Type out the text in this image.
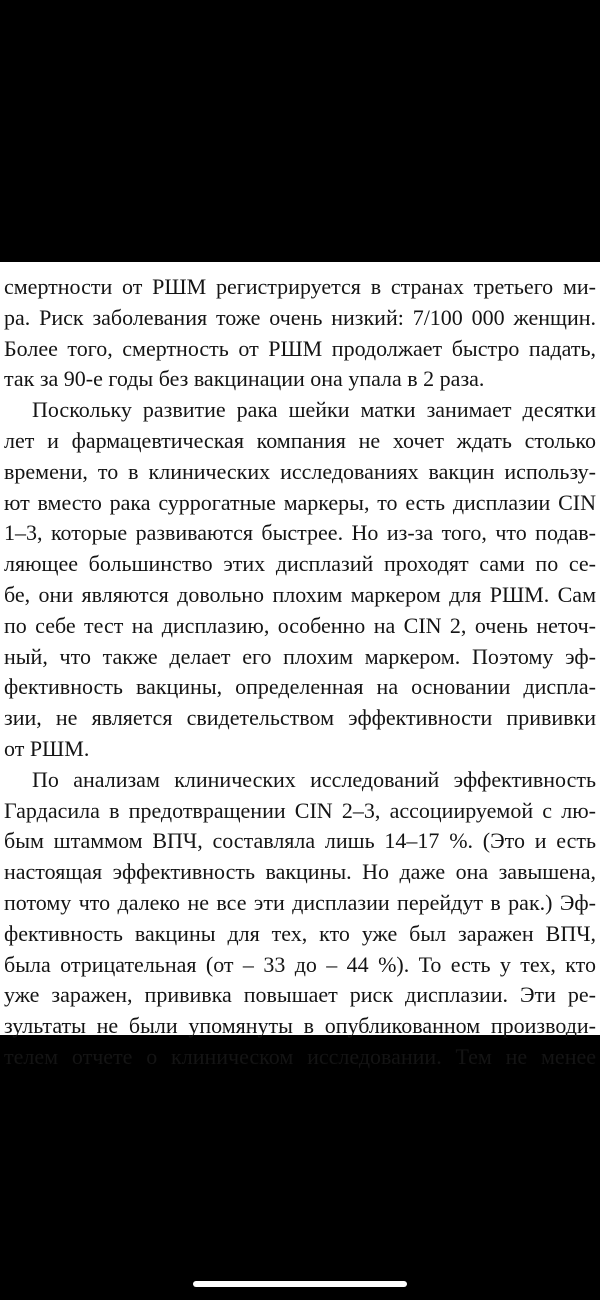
смертности от РШМ регистрируется в странах третьего ми-
ра. Риск заболевания тоже очень низкий: 7/100 000 женщин.
Более того, смертность от РШМ продолжает быстро падать,
так за 90-е годы без вакцинации она упала в 2 раза.
Поскольку развитие рака шейки матки занимает десятки
лет и фармацевтическая компания не хочет ждать столько
времени, то в клинических исследованиях вакцин использу-
ют вместо рака суррогатные маркеры, то есть дисплазии CIN
1–3, которые развиваются быстрее. Но из-за того, что подав-
ляющее большинство этих дисплазий проходят сами по се-
бе, они являются довольно плохим маркером для РШМ. Сам
по себе тест на дисплазию, особенно на CIN 2, очень неточ-
ный, что также делает его плохим маркером. Поэтому эф-
фективность вакцины, определенная на основании диспла-
зии, не является свидетельством эффективности прививки
от РШМ.
По анализам клинических исследований эффективность
Гардасила в предотвращении CIN 2–3, ассоциируемой с лю-
бым штаммом ВПЧ, составляла лишь 14–17 %. (Это и есть
настоящая эффективность вакцины. Но даже она завышена,
потому что далеко не все эти дисплазии перейдут в рак.) Эф-
фективность вакцины для тех, кто уже был заражен ВПЧ,
была отрицательная (от – 33 до – 44 %). То есть у тех, кто
уже заражен, прививка повышает риск дисплазии. Эти ре-
зультаты не были упомянуты в опубликованном производи-
телем отчете о клиническом исследовании. Тем не менее
